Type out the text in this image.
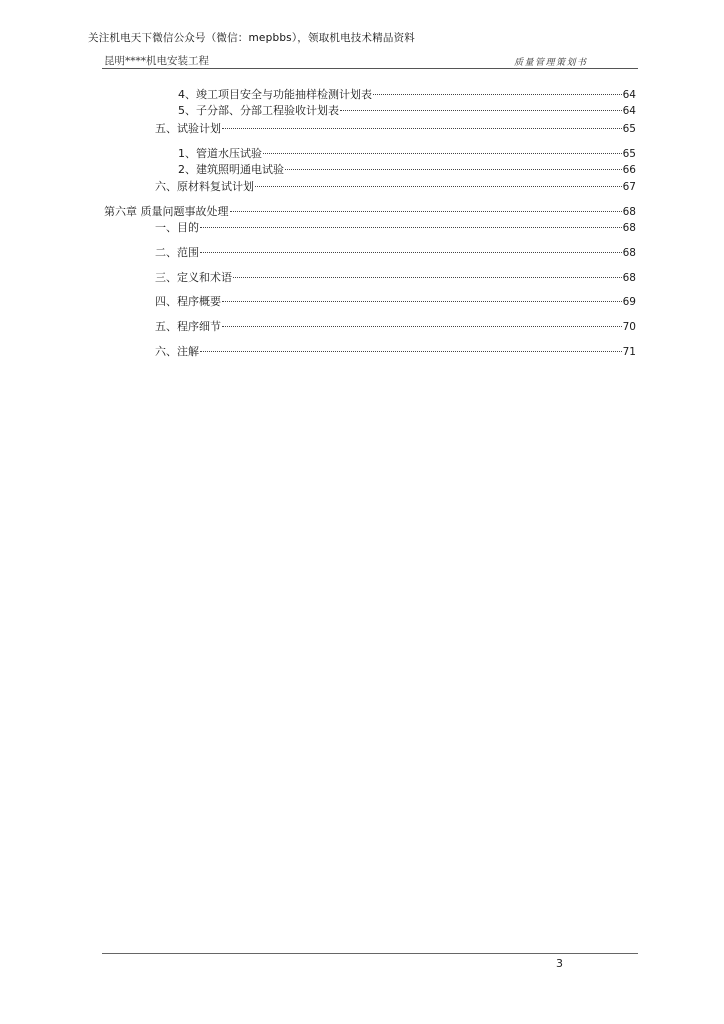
关注机电天下微信公众号（微信：mepbbs），领取机电技术精品资料
昆明****机电安装工程	质量管理策划书
4、竣工项目安全与功能抽样检测计划表	64
5、子分部、分部工程验收计划表	64
五、试验计划	65
1、管道水压试验	65
2、建筑照明通电试验	66
六、原材料复试计划	67
第六章 质量问题事故处理	68
一、目的	68
二、范围	68
三、定义和术语	68
四、程序概要	69
五、程序细节	70
六、注解	71
3
